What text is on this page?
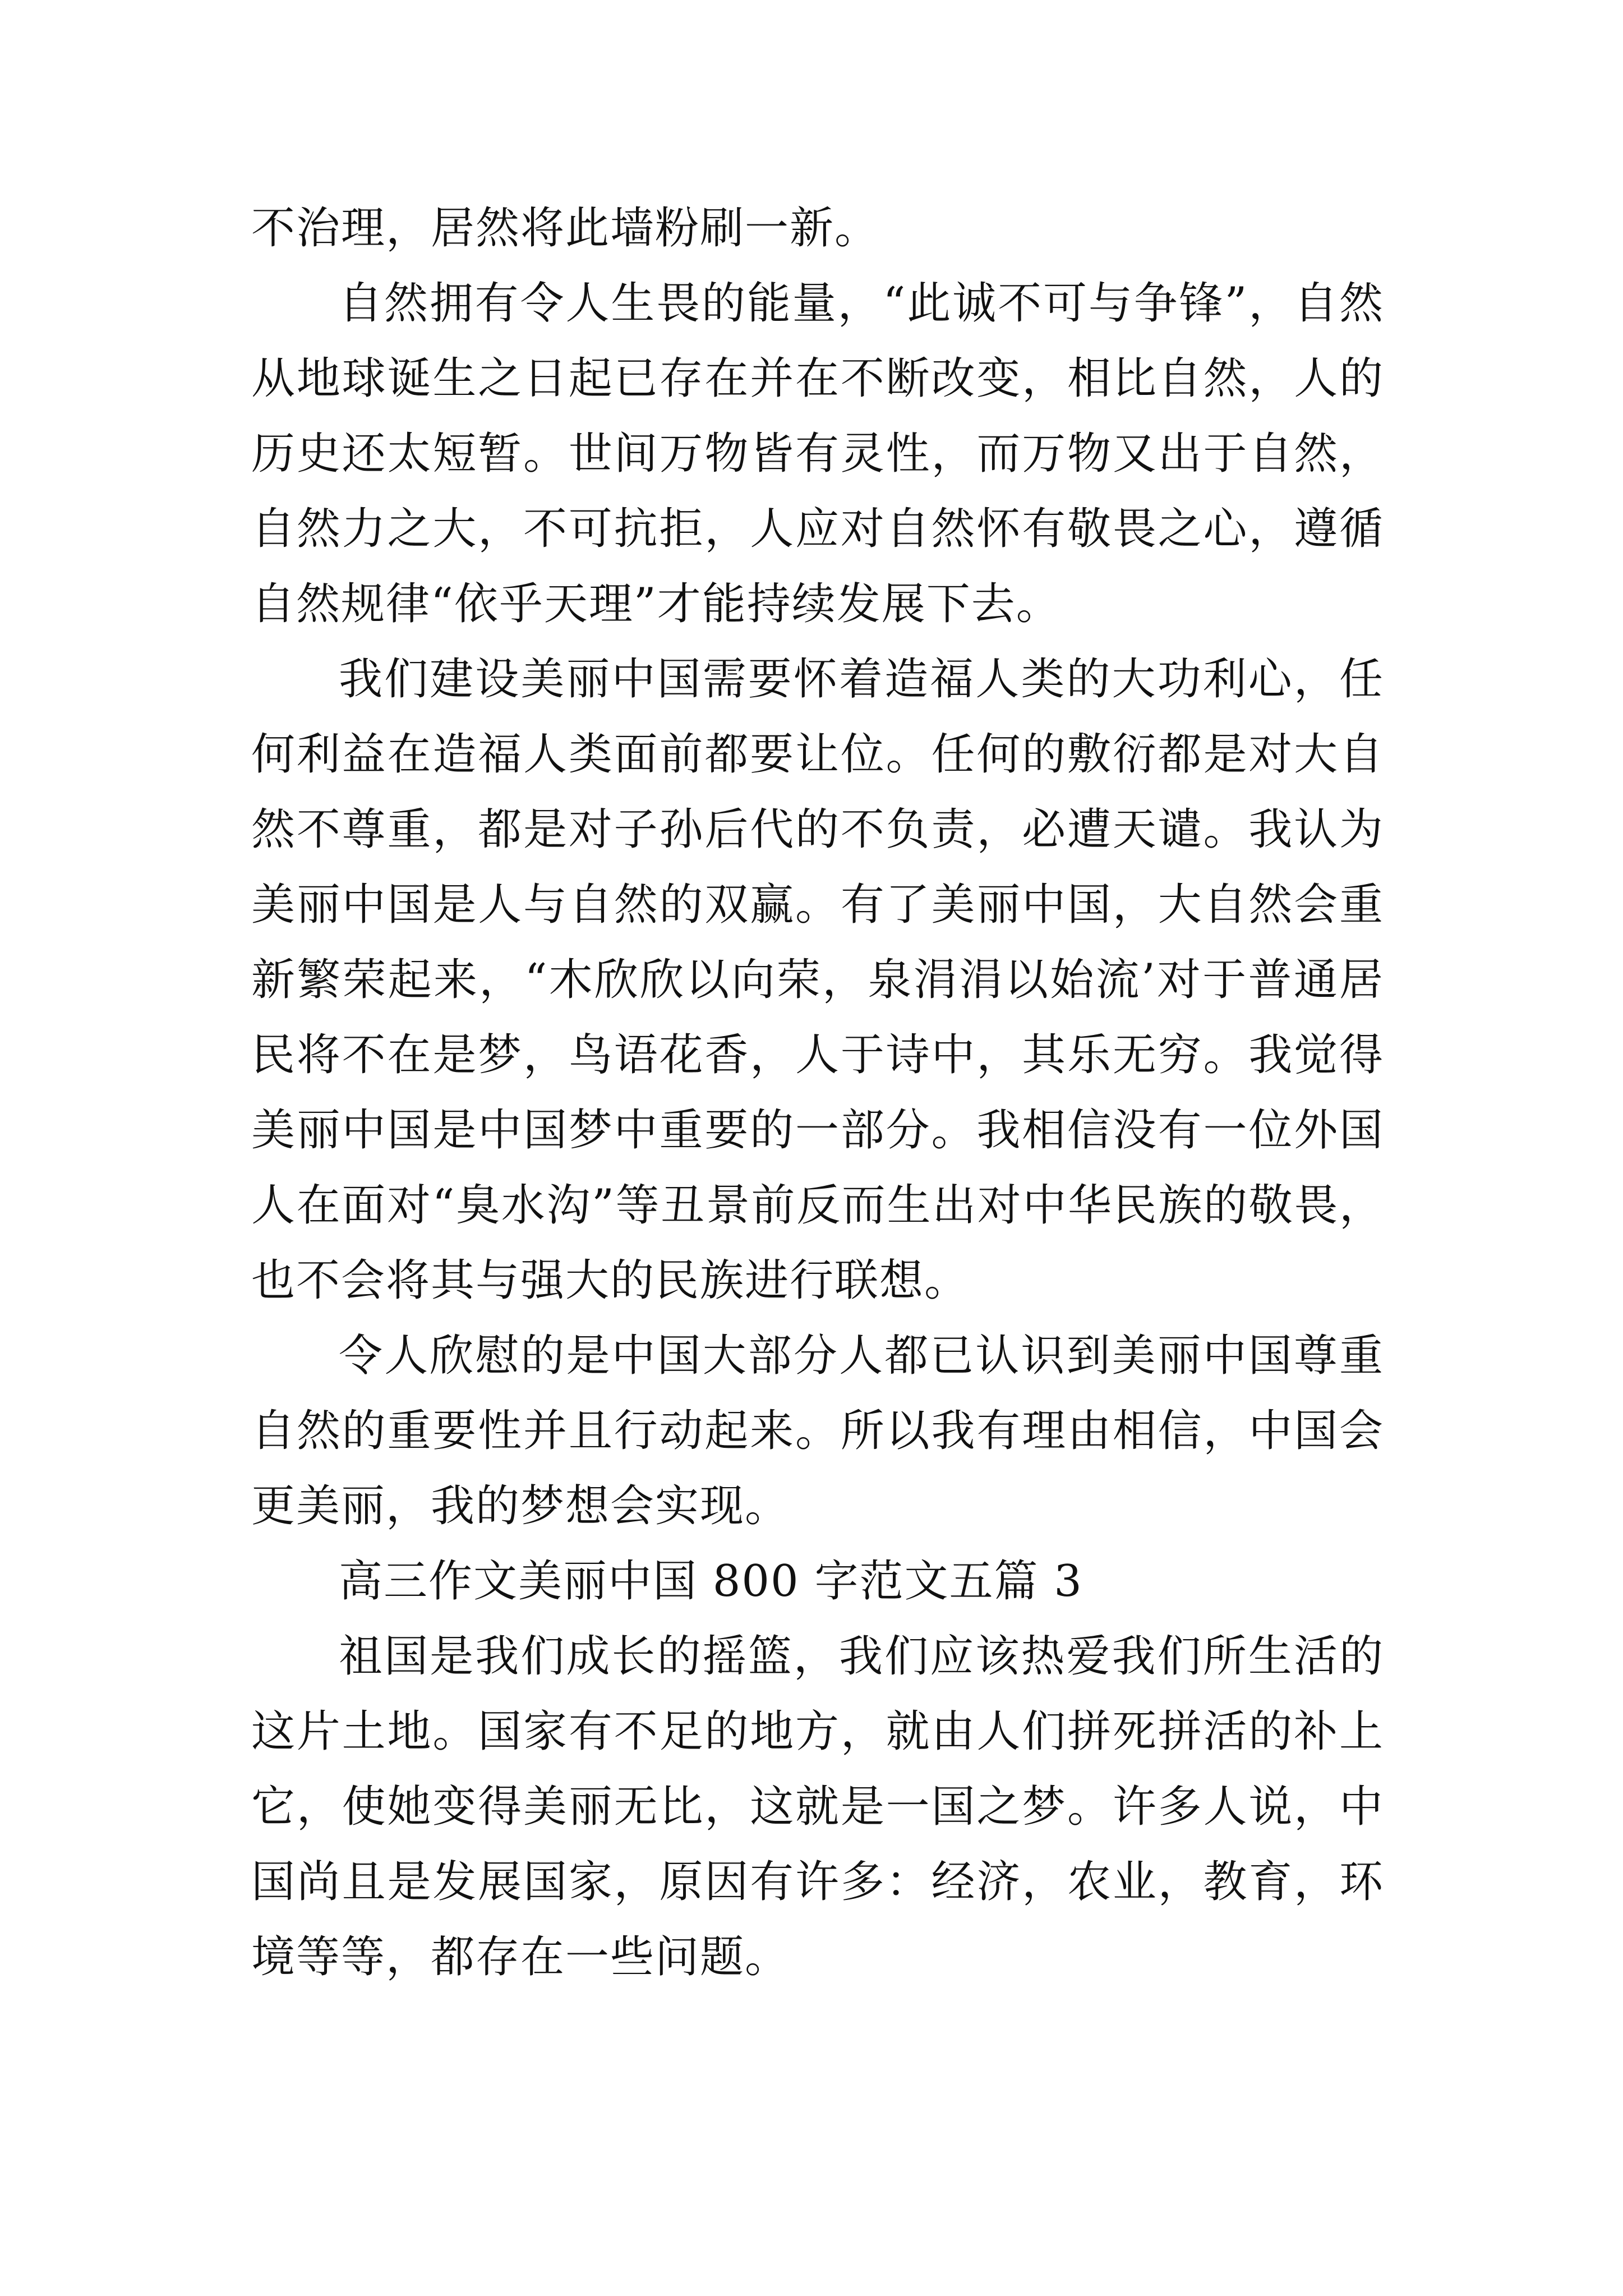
不治理，居然将此墙粉刷一新。

自然拥有令人生畏的能量，“此诚不可与争锋”，自然从地球诞生之日起已存在并在不断改变，相比自然，人的历史还太短暂。世间万物皆有灵性，而万物又出于自然，自然力之大，不可抗拒，人应对自然怀有敬畏之心，遵循自然规律“依乎天理”才能持续发展下去。

我们建设美丽中国需要怀着造福人类的大功利心，任何利益在造福人类面前都要让位。任何的敷衍都是对大自然不尊重，都是对子孙后代的不负责，必遭天谴。我认为美丽中国是人与自然的双赢。有了美丽中国，大自然会重新繁荣起来，“木欣欣以向荣，泉涓涓以始流’对于普通居民将不在是梦，鸟语花香，人于诗中，其乐无穷。我觉得美丽中国是中国梦中重要的一部分。我相信没有一位外国人在面对“臭水沟”等丑景前反而生出对中华民族的敬畏，也不会将其与强大的民族进行联想。

令人欣慰的是中国大部分人都已认识到美丽中国尊重自然的重要性并且行动起来。所以我有理由相信，中国会更美丽，我的梦想会实现。

高三作文美丽中国 800 字范文五篇 3

祖国是我们成长的摇篮，我们应该热爱我们所生活的这片土地。国家有不足的地方，就由人们拼死拼活的补上它，使她变得美丽无比，这就是一国之梦。许多人说，中国尚且是发展国家，原因有许多：经济，农业，教育，环境等等，都存在一些问题。
